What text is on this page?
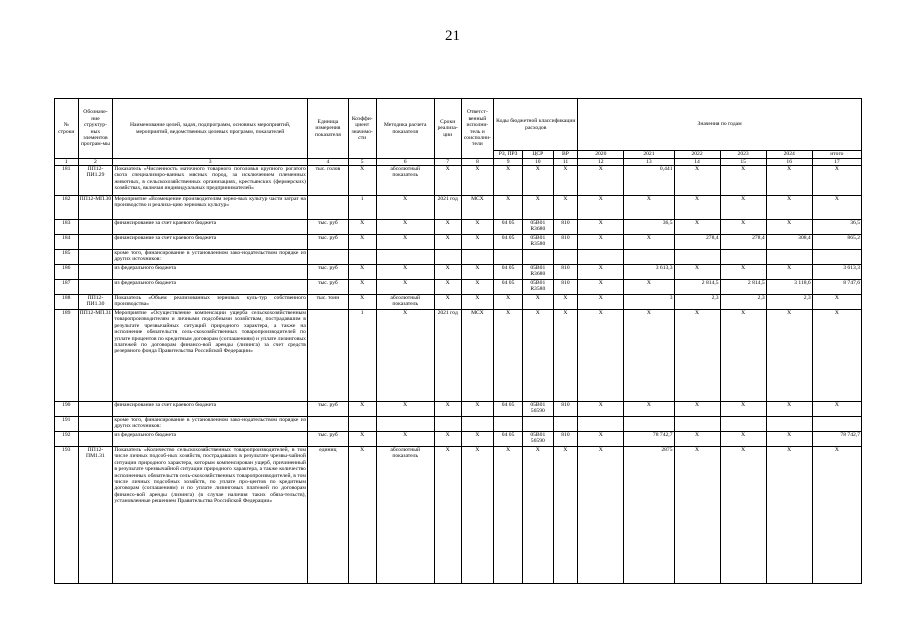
21
№ строки	Обозначе-ние структур-ных элементов програм-мы	Наименование целей, задач, подпрограмм, основных мероприятий, мероприятий, ведомственных целевых программ, показателей	Единица измерения показателя	Коэффи-циент значимо-сти	Методика расчета показателя	Сроки реализа-ции	Ответст-венный исполни-тель и соисполни-тели	Коды бюджетной классификации расходов			Значения по годам					
								РЗ, ПРЗ	ЦСР	ВР	2020	2021	2022	2023	2024	итого
1	2	3	4	5	6	7	8	9	10	11	12	13	14	15	16	17
181	ПП12-ПИ1.29	Показатель «Численность маточного товарного поголовья крупного рогатого скота специализиро-ванных мясных пород, за исключением племенных животных, в сельскохозяйственных организациях, крестьянских (фермерских) хозяйствах, включая индивидуальных предпринимателей»	тыс. голов	Х	абсолютный показатель	Х	Х	Х	Х	Х	Х	0,441	Х	Х	Х	Х
182	ПП12-МП.30	Мероприятие «Возмещение производителям зерно-вых культур части затрат на производство и реализа-цию зерновых культур»		1	Х	2021 год	МСХ	Х	Х	Х	Х	Х	Х	Х	Х	Х
183		финансирование за счет краевого бюджета	тыс. руб	Х	Х	Х	Х	04 05	05В01 R3680	810	Х	36,5	Х	Х	Х	36,5
184		финансирование за счет краевого бюджета	тыс. руб	Х	Х	Х	Х	04 05	05В01 R3580	810	Х	Х	278,4	278,4	308,4	865,2
185		кроме того, финансирование в установленном зако-нодательством порядке из других источников:														
186		из федерального бюджета	тыс. руб	Х	Х	Х	Х	04 05	05В01 R3680	810	Х	3 613,3	Х	Х	Х	3 613,3
187		из федерального бюджета	тыс. руб	Х	Х	Х	Х	04 05	05В01 R3580	810	Х	Х	2 814,5	2 814,5	3 118,6	8 747,6
188	ПП12-ПИ1.30	Показатель «Объем реализованных зерновых куль-тур собственного производства»	тыс. тонн	Х	абсолютный показатель	Х	Х	Х	Х	Х	Х	3	2,3	2,3	2,3	Х
189	ПП12-МП.31	Мероприятие «Осуществление компенсации ущерба сельскохозяйственным товаропроизводителям и личными подсобными хозяйствам, пострадавшим в результате чрезвычайных ситуаций природного характера, а также на исполнение обязательств сель-скохозяйственных товаропроизводителей по уплате процентов по кредитным договорам (соглашениям) и уплате лизинговых платежей по договорам финансо-вой аренды (лизинга) за счет средств резервного фонда Правительства Российской Федерации»		1	Х	2021 год	МСХ	Х	Х	Х	Х	Х	Х	Х	Х	Х
190		финансирование за счет краевого бюджета	тыс. руб	Х	Х	Х	Х	04 05	05В01 56590	810	Х	Х	Х	Х	Х	Х
191		кроме того, финансирование в установленном зако-нодательством порядке из других источников:														
192		из федерального бюджета	тыс. руб	Х	Х	Х	Х	04 05	05В01 56590	810	Х	78 742,7	Х	Х	Х	78 742,7
193	ПП12-ПМ1.31	Показатель «Количество сельскохозяйственных товаропроизводителей, в том числе личных подсоб-ных хозяйств, пострадавших в результате чрезвы-чайной ситуации природного характера, которым компенсирован ущерб, причиненный в результате чрезвычайной ситуации природного характера, а также количество исполненных обязательств сель-скохозяйственных товаропроизводителей, в том числе личных подсобных хозяйств, по уплате про-центов по кредитным договорам (соглашениям) и по уплате лизинговых платежей по договорам финансо-вой аренды (лизинга) (в случае наличия таких обяза-тельств), установленные решением Правительства Российской Федерации»	единиц	Х	абсолютный показатель	Х	Х	Х	Х	Х	Х	2875	Х	Х	Х	Х
